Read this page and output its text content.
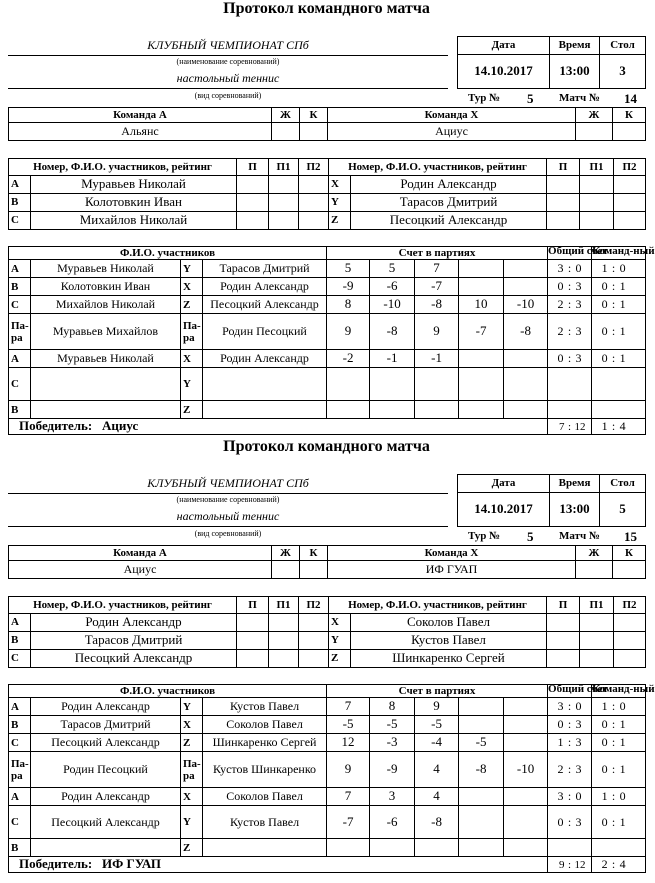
Протокол командного матча
КЛУБНЫЙ ЧЕМПИОНАТ СПб
(наименование соревнований)
настольный теннис
(вид соревнований)
Дата	Время	Стол
14.10.2017	13:00	3
Тур № 5 Матч № 14
Команда А	Ж	К	Команда Х	Ж	К
Альянс			Ациус		
Номер, Ф.И.О. участников, рейтинг		П	П1	П2	Номер, Ф.И.О. участников, рейтинг		П	П1	П2
A	Муравьев Николай				X	Родин Александр			
B	Колотовкин Иван				Y	Тарасов Дмитрий			
C	Михайлов Николай				Z	Песоцкий Александр			
Ф.И.О. участников				Счет в партиях					Общий счет			Команд-ный		
A	Муравьев Николай	Y	Тарасов Дмитрий	5	5	7			3	:	0	1	:	0
B	Колотовкин Иван	X	Родин Александр	-9	-6	-7			0	:	3	0	:	1
C	Михайлов Николай	Z	Песоцкий Александр	8	-10	-8	10	-10	2	:	3	0	:	1
Па-ра	Муравьев Михайлов	Па-ра	Родин Песоцкий	9	-8	9	-7	-8	2	:	3	0	:	1
A	Муравьев Николай	X	Родин Александр	-2	-1	-1			0	:	3	0	:	1
C		Y												
B		Z												
Победитель: Ациус									7	:	12	1	:	4
Протокол командного матча
КЛУБНЫЙ ЧЕМПИОНАТ СПб
(наименование соревнований)
настольный теннис
(вид соревнований)
Дата	Время	Стол
14.10.2017	13:00	5
Тур № 5 Матч № 15
Команда А	Ж	К	Команда Х	Ж	К
Ациус			ИФ ГУАП		
Номер, Ф.И.О. участников, рейтинг		П	П1	П2	Номер, Ф.И.О. участников, рейтинг		П	П1	П2
A	Родин Александр				X	Соколов Павел			
B	Тарасов Дмитрий				Y	Кустов Павел			
C	Песоцкий Александр				Z	Шинкаренко Сергей			
Ф.И.О. участников				Счет в партиях					Общий счет			Команд-ный		
A	Родин Александр	Y	Кустов Павел	7	8	9			3	:	0	1	:	0
B	Тарасов Дмитрий	X	Соколов Павел	-5	-5	-5			0	:	3	0	:	1
C	Песоцкий Александр	Z	Шинкаренко Сергей	12	-3	-4	-5		1	:	3	0	:	1
Па-ра	Родин Песоцкий	Па-ра	Кустов Шинкаренко	9	-9	4	-8	-10	2	:	3	0	:	1
A	Родин Александр	X	Соколов Павел	7	3	4			3	:	0	1	:	0
C	Песоцкий Александр	Y	Кустов Павел	-7	-6	-8			0	:	3	0	:	1
B		Z												
Победитель: ИФ ГУАП									9	:	12	2	:	4
